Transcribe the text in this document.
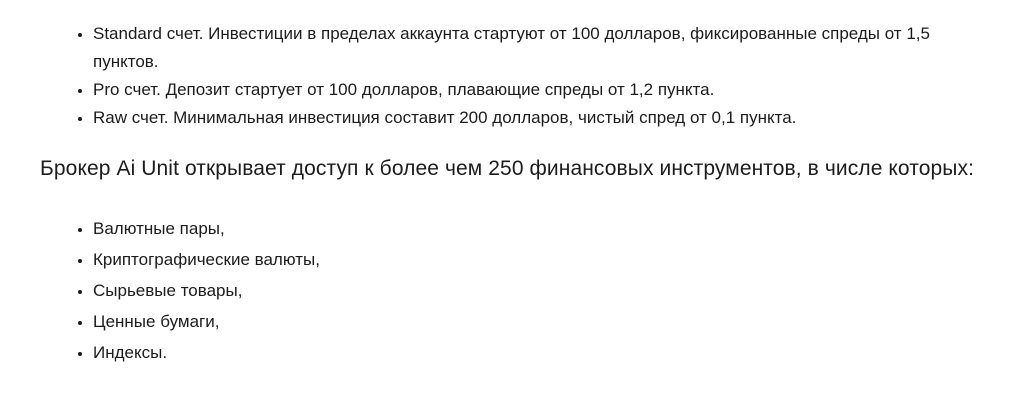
• Standard счет. Инвестиции в пределах аккаунта стартуют от 100 долларов, фиксированные спреды от 1,5 пунктов.
• Pro счет. Депозит стартует от 100 долларов, плавающие спреды от 1,2 пункта.
• Raw счет. Минимальная инвестиция составит 200 долларов, чистый спред от 0,1 пункта.

Брокер Ai Unit открывает доступ к более чем 250 финансовых инструментов, в числе которых:

• Валютные пары,
• Криптографические валюты,
• Сырьевые товары,
• Ценные бумаги,
• Индексы.
